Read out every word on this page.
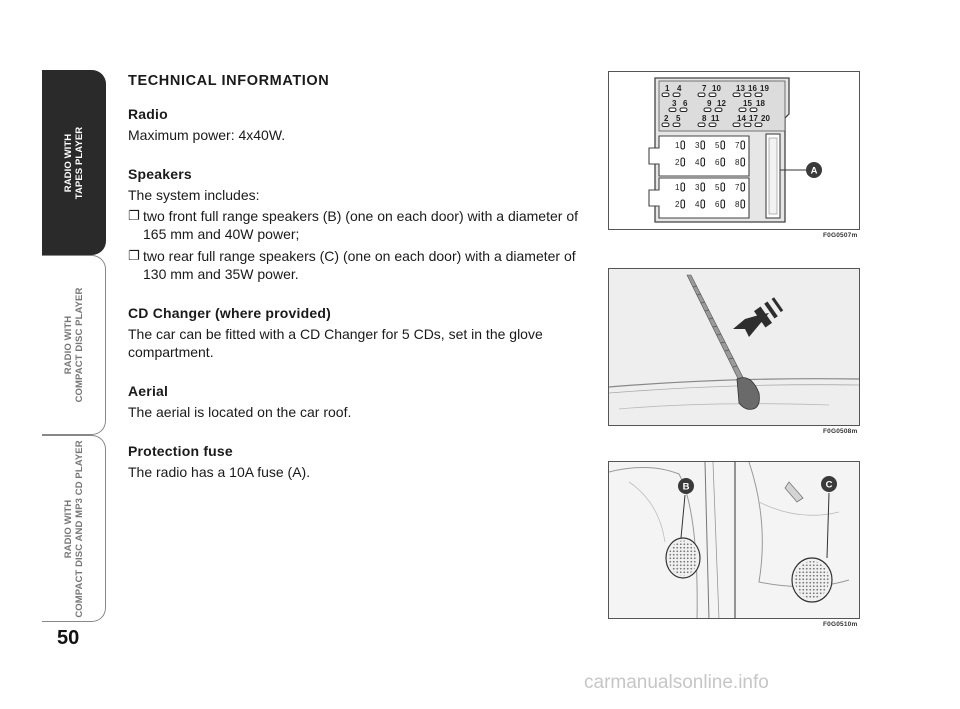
RADIO WITH TAPES PLAYER
RADIO WITH COMPACT DISC PLAYER
RADIO WITH COMPACT DISC AND MP3 CD PLAYER
50
TECHNICAL INFORMATION
Radio

Maximum power: 4x40W.

Speakers

The system includes:

❐ two front full range speakers (B) (one on each door) with a diameter of 165 mm and 40W power;
❐ two rear full range speakers (C) (one on each door) with a diameter of 130 mm and 35W power.
CD Changer (where provided)

The car can be fitted with a CD Changer for 5 CDs, set in the glove compartment.

Aerial

The aerial is located on the car roof.

Protection fuse

The radio has a 10A fuse (A).

1 4	7 10 13 16 19
3 6 9 12 15 18
2 5	8 11 14 17 20
1 3 5 7
2 4 6 8
1 3 5 7
2 4 6 8
A
F0G0507m
F0G0508m
B	C
F0G0510m
carmanualsonline.info
